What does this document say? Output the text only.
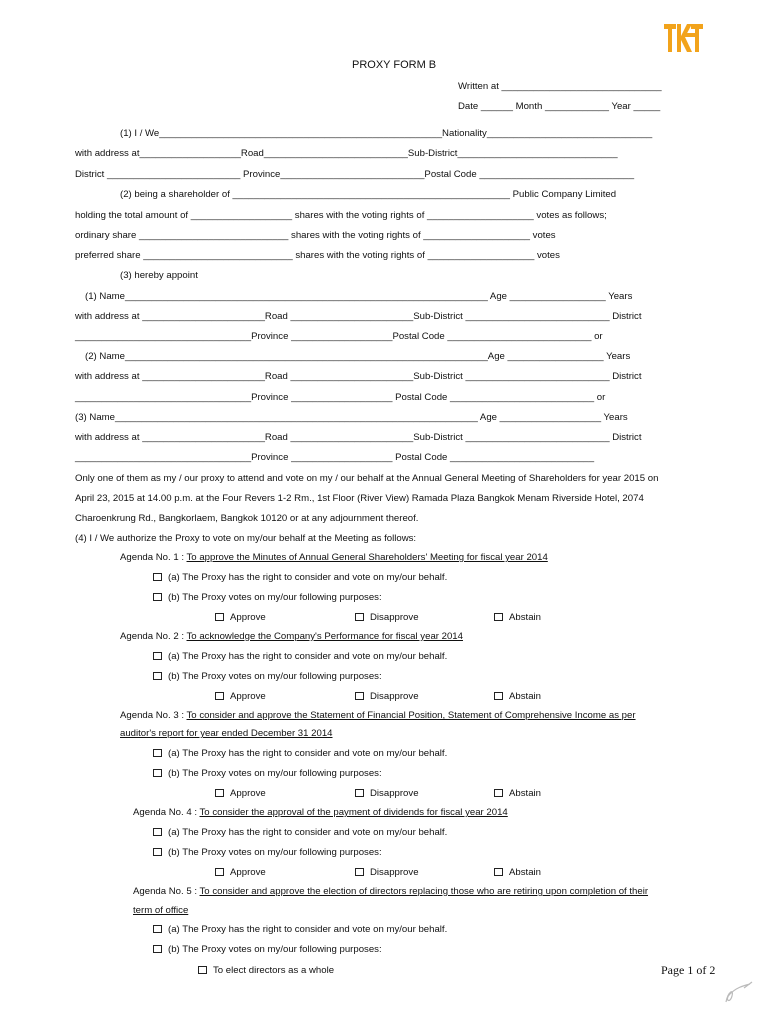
PROXY FORM B
Written at ______________________________
Date ______ Month ____________ Year _____
(1) I / We_____________________________________________________Nationality_______________________________
with address at___________________Road___________________________Sub-District______________________________
District _________________________ Province___________________________Postal Code _____________________________
(2) being a shareholder of ____________________________________________________ Public Company Limited
holding the total amount of ___________________ shares with the voting rights of ____________________ votes as follows;
ordinary share ____________________________ shares with the voting rights of ____________________ votes
preferred share ____________________________ shares with the voting rights of ____________________ votes
(3) hereby appoint
(1) Name____________________________________________________________________ Age __________________ Years
with address at _______________________Road _______________________Sub-District ___________________________ District
_________________________________Province ___________________Postal Code ___________________________ or
(2) Name____________________________________________________________________Age __________________ Years
with address at _______________________Road _______________________Sub-District ___________________________ District
_________________________________Province ___________________ Postal Code ___________________________ or
(3) Name____________________________________________________________________ Age ___________________ Years
with address at _______________________Road _______________________Sub-District ___________________________ District
_________________________________Province ___________________ Postal Code ___________________________
Only one of them as my / our proxy to attend and vote on my / our behalf at the Annual General Meeting of Shareholders for year 2015 on
April 23, 2015 at 14.00 p.m. at the Four Revers 1-2 Rm., 1st Floor (River View) Ramada Plaza Bangkok Menam Riverside Hotel, 2074
Charoenkrung Rd., Bangkorlaem, Bangkok 10120 or at any adjournment thereof.
(4) I / We authorize the Proxy to vote on my/our behalf at the Meeting as follows:
Agenda No. 1 : To approve the Minutes of Annual General Shareholders' Meeting for fiscal year 2014
(a) The Proxy has the right to consider and vote on my/our behalf.
(b) The Proxy votes on my/our following purposes:
Approve	Disapprove	Abstain
Agenda No. 2 : To acknowledge the Company's Performance for fiscal year 2014
(a) The Proxy has the right to consider and vote on my/our behalf.
(b) The Proxy votes on my/our following purposes:
Approve	Disapprove	Abstain
Agenda No. 3 : To consider and approve the Statement of Financial Position, Statement of Comprehensive Income as per
auditor's report for year ended December 31 2014
(a) The Proxy has the right to consider and vote on my/our behalf.
(b) The Proxy votes on my/our following purposes:
Approve	Disapprove	Abstain
Agenda No. 4 : To consider the approval of the payment of dividends for fiscal year 2014
(a) The Proxy has the right to consider and vote on my/our behalf.
(b) The Proxy votes on my/our following purposes:
Approve	Disapprove	Abstain
Agenda No. 5 : To consider and approve the election of directors replacing those who are retiring upon completion of their
term of office
(a) The Proxy has the right to consider and vote on my/our behalf.
(b) The Proxy votes on my/our following purposes:
To elect directors as a whole	Page 1 of 2
